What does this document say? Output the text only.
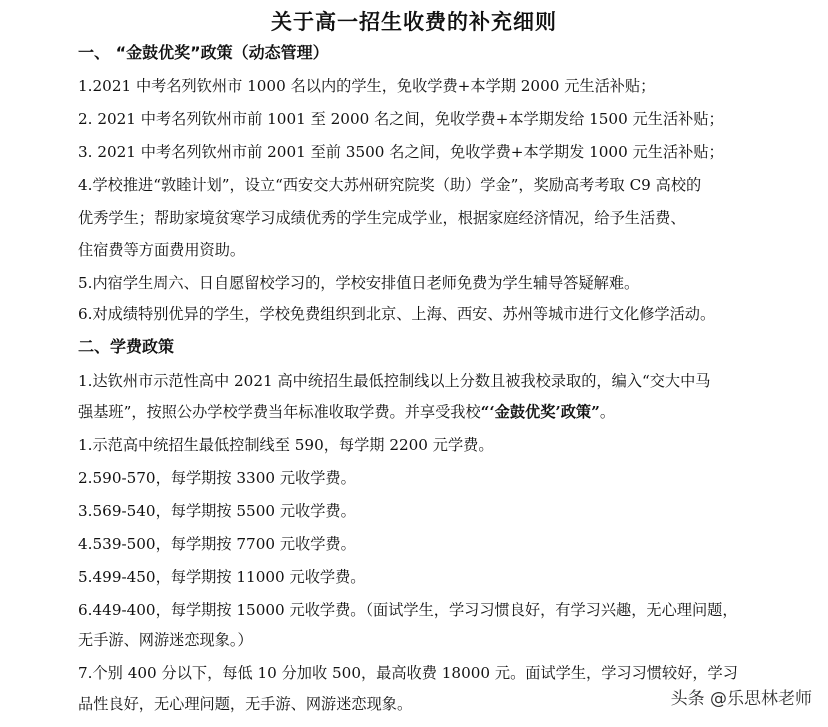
关于高一招生收费的补充细则
一、 “金鼓优奖”政策（动态管理）
1.2021 中考名列钦州市 1000 名以内的学生，免收学费+本学期 2000 元生活补贴；
2. 2021 中考名列钦州市前 1001 至 2000 名之间，免收学费+本学期发给 1500 元生活补贴；
3. 2021 中考名列钦州市前 2001 至前 3500 名之间，免收学费+本学期发 1000 元生活补贴；
4.学校推进“敦睦计划”，设立“西安交大苏州研究院奖（助）学金”，奖励高考考取 C9 高校的
优秀学生；帮助家境贫寒学习成绩优秀的学生完成学业，根据家庭经济情况，给予生活费、
住宿费等方面费用资助。
5.内宿学生周六、日自愿留校学习的，学校安排值日老师免费为学生辅导答疑解难。
6.对成绩特别优异的学生，学校免费组织到北京、上海、西安、苏州等城市进行文化修学活动。
二、学费政策
1.达钦州市示范性高中 2021 高中统招生最低控制线以上分数且被我校录取的，编入“交大中马
强基班”，按照公办学校学费当年标准收取学费。并享受我校“‘金鼓优奖’政策”。
1.示范高中统招生最低控制线至 590，每学期 2200 元学费。
2.590-570，每学期按 3300 元收学费。
3.569-540，每学期按 5500 元收学费。
4.539-500，每学期按 7700 元收学费。
5.499-450，每学期按 11000 元收学费。
6.449-400，每学期按 15000 元收学费。（面试学生，学习习惯良好，有学习兴趣，无心理问题，
无手游、网游迷恋现象。）
7.个别 400 分以下，每低 10 分加收 500，最高收费 18000 元。面试学生，学习习惯较好，学习
品性良好，无心理问题，无手游、网游迷恋现象。	头条 @乐思林老师
